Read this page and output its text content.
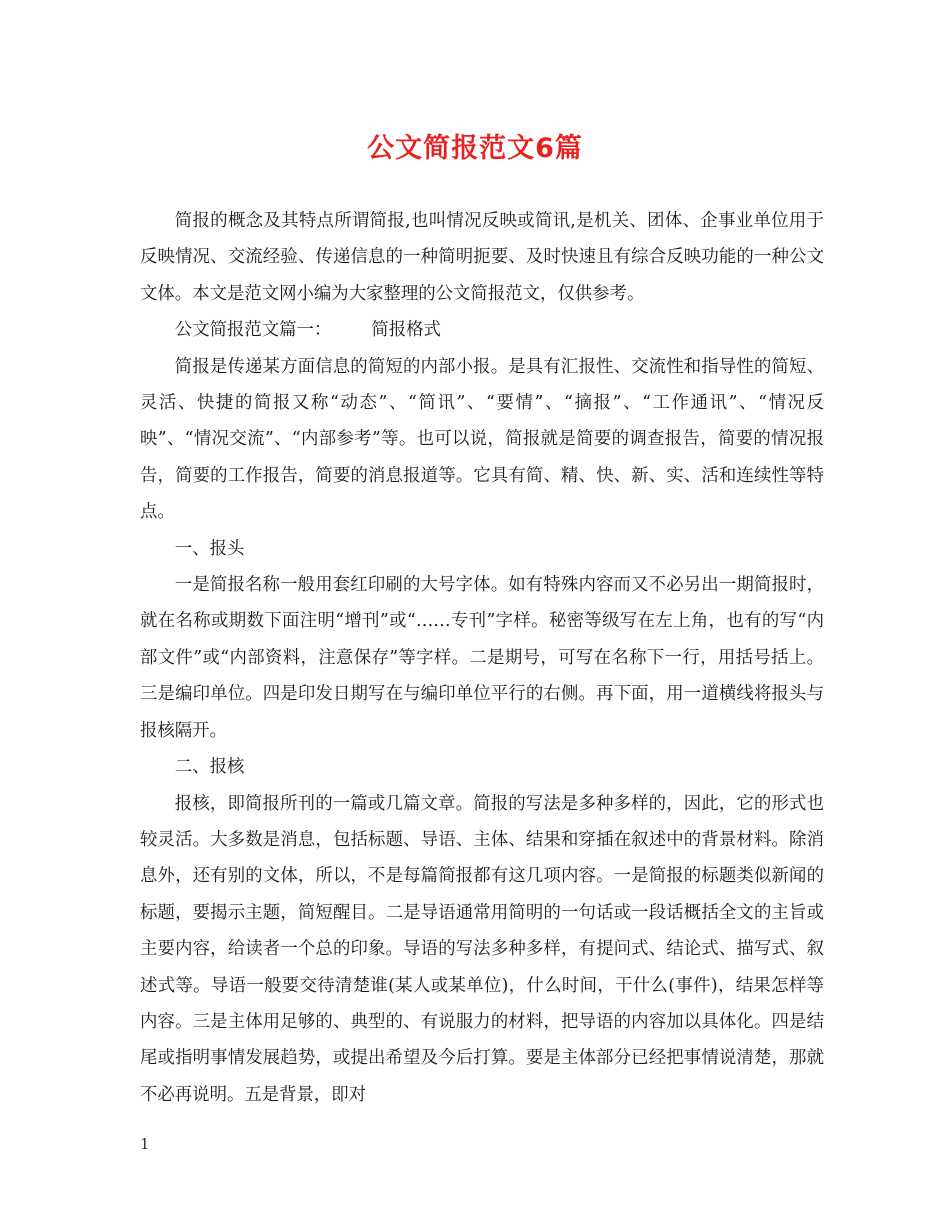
公文简报范文6篇

简报的概念及其特点所谓简报,也叫情况反映或简讯,是机关、团体、企事业单位用于反映情况、交流经验、传递信息的一种简明扼要、及时快速且有综合反映功能的一种公文文体。本文是范文网小编为大家整理的公文简报范文，仅供参考。

公文简报范文篇一： 简报格式

简报是传递某方面信息的简短的内部小报。是具有汇报性、交流性和指导性的简短、灵活、快捷的简报又称“动态”、“简讯”、“要情”、“摘报”、“工作通讯”、“情况反映”、“情况交流”、“内部参考”等。也可以说，简报就是简要的调查报告，简要的情况报告，简要的工作报告，简要的消息报道等。它具有简、精、快、新、实、活和连续性等特点。

一、报头

一是简报名称一般用套红印刷的大号字体。如有特殊内容而又不必另出一期简报时，就在名称或期数下面注明“增刊”或“……专刊”字样。秘密等级写在左上角，也有的写“内部文件”或“内部资料，注意保存”等字样。二是期号，可写在名称下一行，用括号括上。三是编印单位。四是印发日期写在与编印单位平行的右侧。再下面，用一道横线将报头与报核隔开。

二、报核

报核，即简报所刊的一篇或几篇文章。简报的写法是多种多样的，因此，它的形式也较灵活。大多数是消息，包括标题、导语、主体、结果和穿插在叙述中的背景材料。除消息外，还有别的文体，所以，不是每篇简报都有这几项内容。一是简报的标题类似新闻的标题，要揭示主题，简短醒目。二是导语通常用简明的一句话或一段话概括全文的主旨或主要内容，给读者一个总的印象。导语的写法多种多样，有提问式、结论式、描写式、叙述式等。导语一般要交待清楚谁(某人或某单位)，什么时间，干什么(事件)，结果怎样等内容。三是主体用足够的、典型的、有说服力的材料，把导语的内容加以具体化。四是结尾或指明事情发展趋势，或提出希望及今后打算。要是主体部分已经把事情说清楚，那就不必再说明。五是背景，即对

1
